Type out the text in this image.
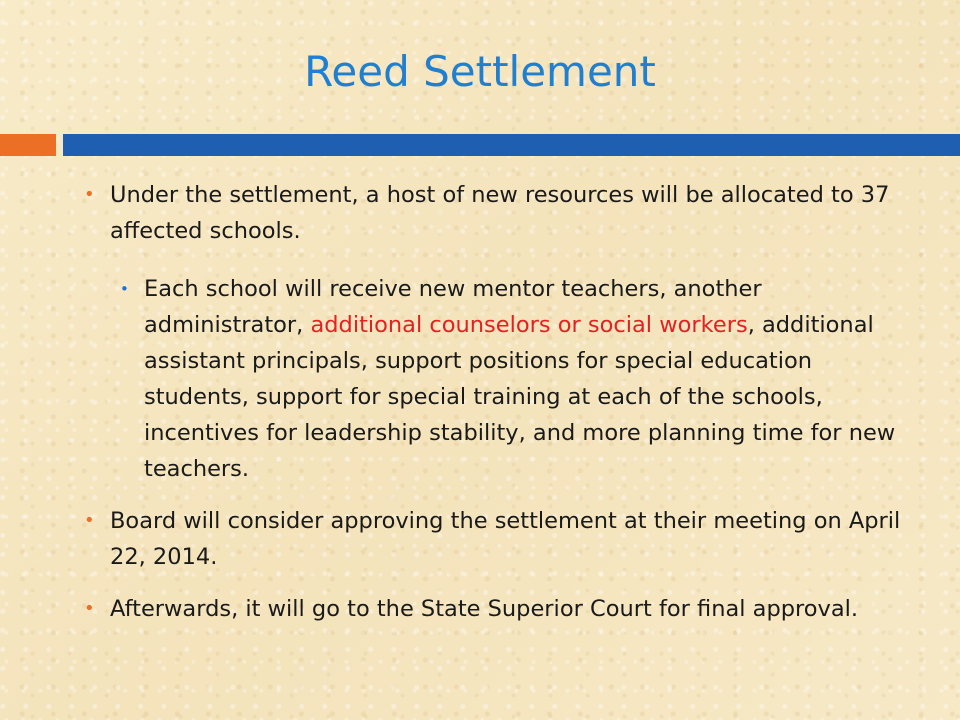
Reed Settlement
• Under the settlement, a host of new resources will be allocated to 37 affected schools.
• Each school will receive new mentor teachers, another administrator, additional counselors or social workers, additional assistant principals, support positions for special education students, support for special training at each of the schools, incentives for leadership stability, and more planning time for new teachers.
• Board will consider approving the settlement at their meeting on April 22, 2014.
• Afterwards, it will go to the State Superior Court for final approval.
